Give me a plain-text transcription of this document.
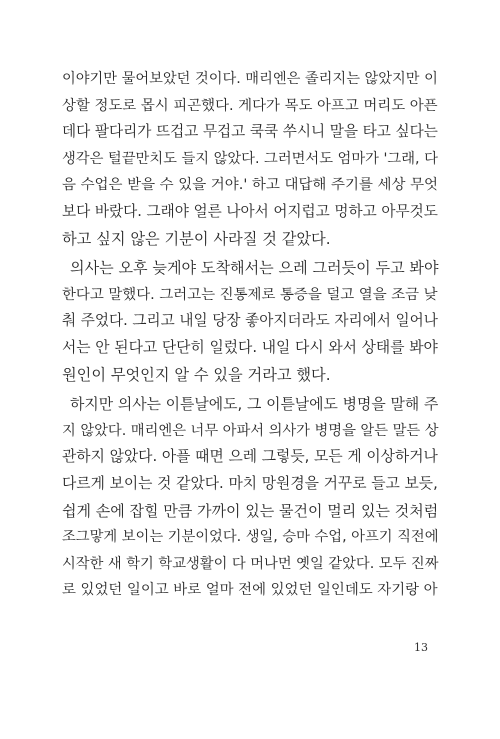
이야기만 물어보았던 것이다. 매리엔은 졸리지는 않았지만 이
상할 정도로 몹시 피곤했다. 게다가 목도 아프고 머리도 아픈
데다 팔다리가 뜨겁고 무겁고 쿡쿡 쑤시니 말을 타고 싶다는
생각은 털끝만치도 들지 않았다. 그러면서도 엄마가 '그래, 다
음 수업은 받을 수 있을 거야.' 하고 대답해 주기를 세상 무엇
보다 바랐다. 그래야 얼른 나아서 어지럽고 멍하고 아무것도
하고 싶지 않은 기분이 사라질 것 같았다.
의사는 오후 늦게야 도착해서는 으레 그러듯이 두고 봐야
한다고 말했다. 그러고는 진통제로 통증을 덜고 열을 조금 낮
춰 주었다. 그리고 내일 당장 좋아지더라도 자리에서 일어나
서는 안 된다고 단단히 일렀다. 내일 다시 와서 상태를 봐야
원인이 무엇인지 알 수 있을 거라고 했다.
하지만 의사는 이튿날에도, 그 이튿날에도 병명을 말해 주
지 않았다. 매리엔은 너무 아파서 의사가 병명을 알든 말든 상
관하지 않았다. 아플 때면 으레 그렇듯, 모든 게 이상하거나
다르게 보이는 것 같았다. 마치 망원경을 거꾸로 들고 보듯,
쉽게 손에 잡힐 만큼 가까이 있는 물건이 멀리 있는 것처럼
조그맣게 보이는 기분이었다. 생일, 승마 수업, 아프기 직전에
시작한 새 학기 학교생활이 다 머나먼 옛일 같았다. 모두 진짜
로 있었던 일이고 바로 얼마 전에 있었던 일인데도 자기랑 아
13
